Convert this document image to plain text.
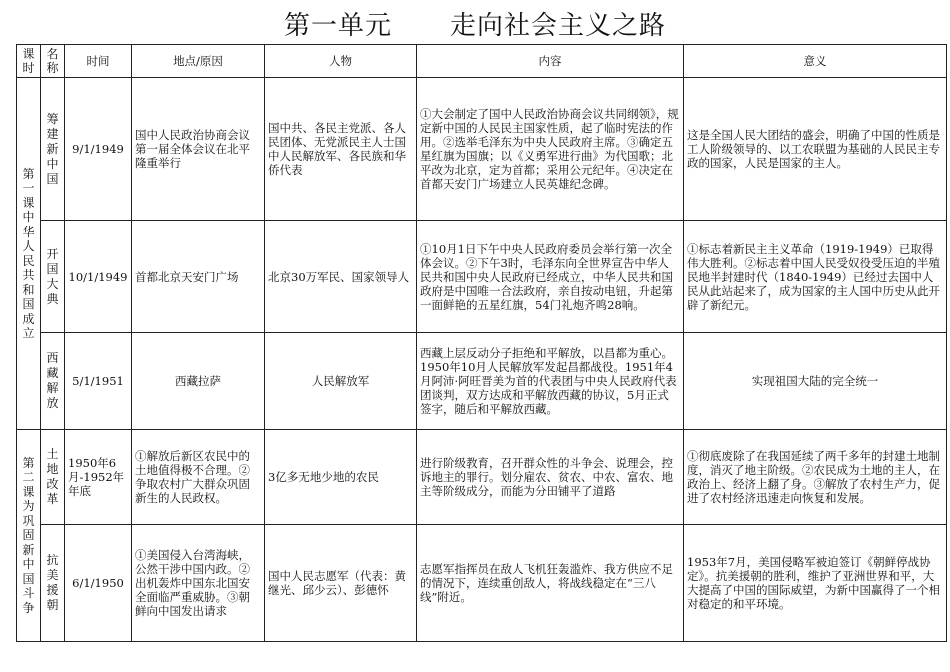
第一单元 走向社会主义之路
课时	名称	时间	地点/原因	人物	内容	意义
第一课 中华人民共和国成立	筹建新中国	9/1/1949	国中人民政治协商会议第一届全体会议在北平隆重举行	国中共、各民主党派、各人民团体、无党派民主人士国中人民解放军、各民族和华侨代表	①大会制定了国中人民政治协商会议共同纲领》，规定新中国的人民民主国家性质，起了临时宪法的作用。②选举毛泽东为中央人民政府主席。③确定五星红旗为国旗；以《义勇军进行曲》为代国歌；北平改为北京，定为首都；采用公元纪年。④决定在首都天安门广场建立人民英雄纪念碑。	这是全国人民大团结的盛会，明确了中国的性质是工人阶级领导的、以工农联盟为基础的人民民主专政的国家，人民是国家的主人。
	开国大典	10/1/1949	首都北京天安门广场	北京30万军民、国家领导人	①10月1日下午中央人民政府委员会举行第一次全体会议。②下午3时，毛泽东向全世界宣告中华人民共和国中央人民政府已经成立，中华人民共和国政府是中国唯一合法政府，亲自按动电钮，升起第一面鲜艳的五星红旗，54门礼炮齐鸣28响。	①标志着新民主主义革命（1919-1949）已取得伟大胜利。②标志着中国人民受奴役受压迫的半殖民地半封建时代（1840-1949）已经过去国中人民从此站起来了，成为国家的主人国中历史从此开辟了新纪元。
	西藏解放	5/1/1951	西藏拉萨	人民解放军	西藏上层反动分子拒绝和平解放，以昌都为重心。1950年10月人民解放军发起昌都战役。1951年4月阿沛·阿旺晋美为首的代表团与中央人民政府代表团谈判，双方达成和平解放西藏的协议，5月正式签字，随后和平解放西藏。	实现祖国大陆的完全统一
第二课 为巩固新中国斗争	土地改革	1950年6月-1952年年底	①解放后新区农民中的土地值得极不合理。②争取农村广大群众巩固新生的人民政权。	3亿多无地少地的农民	进行阶级教育，召开群众性的斗争会、说理会，控诉地主的罪行。划分雇农、贫农、中农、富农、地主等阶级成分，而能为分田铺平了道路	①彻底废除了在我国延续了两千多年的封建土地制度，消灭了地主阶级。②农民成为土地的主人，在政治上、经济上翻了身。③解放了农村生产力，促进了农村经济迅速走向恢复和发展。
	抗美援朝	6/1/1950	①美国侵入台湾海峡，公然干涉中国内政。②出机轰炸中国东北国安全面临严重威胁。③朝鲜向中国发出请求	国中人民志愿军（代表：黄继光、邱少云）、彭德怀	志愿军指挥员在敌人飞机狂轰滥炸、我方供应不足的情况下，连续重创敌人，将战线稳定在“三八线”附近。	1953年7月，美国侵略军被迫签订《朝鲜停战协定》。抗美援朝的胜利，维护了亚洲世界和平，大大提高了中国的国际威望，为新中国赢得了一个相对稳定的和平环境。
